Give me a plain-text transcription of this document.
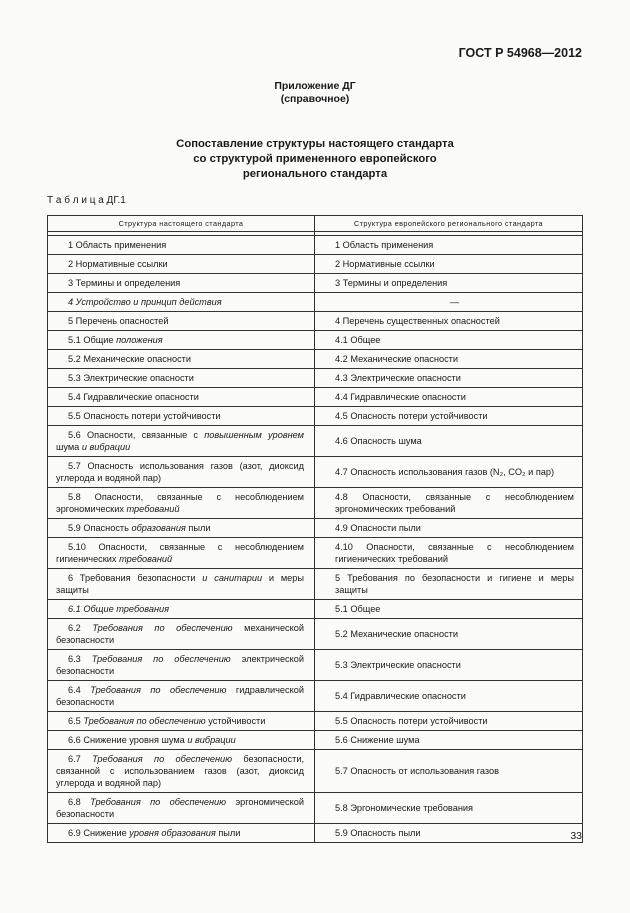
ГОСТ Р 54968—2012
Приложение ДГ
(справочное)
Сопоставление структуры настоящего стандарта
со структурой примененного европейского
регионального стандарта
Т а б л и ц а ДГ.1
Структура настоящего стандарта	Структура европейского регионального стандарта

1 Область применения	1 Область применения

2 Нормативные ссылки	2 Нормативные ссылки

3 Термины и определения	3 Термины и определения

4 Устройство и принцип действия	—

5 Перечень опасностей	4 Перечень существенных опасностей

5.1 Общие положения	4.1 Общее

5.2 Механические опасности	4.2 Механические опасности

5.3 Электрические опасности	4.3 Электрические опасности

5.4 Гидравлические опасности	4.4 Гидравлические опасности

5.5 Опасность потери устойчивости	4.5 Опасность потери устойчивости

5.6 Опасности, связанные с повышенным уровнем шума и вибрации	4.6 Опасность шума

5.7 Опасность использования газов (азот, диоксид углерода и водяной пар)	4.7 Опасность использования газов (N₂, CO₂ и пар)

5.8 Опасности, связанные с несоблюдением эргономических требований	4.8 Опасности, связанные с несоблюдением эргономических требований

5.9 Опасность образования пыли	4.9 Опасности пыли

5.10 Опасности, связанные с несоблюдением гигиенических требований	4.10 Опасности, связанные с несоблюдением гигиенических требований

6 Требования безопасности и санитарии и меры защиты	5 Требования по безопасности и гигиене и меры защиты

6.1 Общие требования	5.1 Общее

6.2 Требования по обеспечению механической безопасности	5.2 Механические опасности

6.3 Требования по обеспечению электрической безопасности	5.3 Электрические опасности

6.4 Требования по обеспечению гидравлической безопасности	5.4 Гидравлические опасности

6.5 Требования по обеспечению устойчивости	5.5 Опасность потери устойчивости

6.6 Снижение уровня шума и вибрации	5.6 Снижение шума

6.7 Требования по обеспечению безопасности, связанной с использованием газов (азот, диоксид углерода и водяной пар)	5.7 Опасность от использования газов

6.8 Требования по обеспечению эргономической безопасности	5.8 Эргономические требования

6.9 Снижение уровня образования пыли	5.9 Опасность пыли	33
